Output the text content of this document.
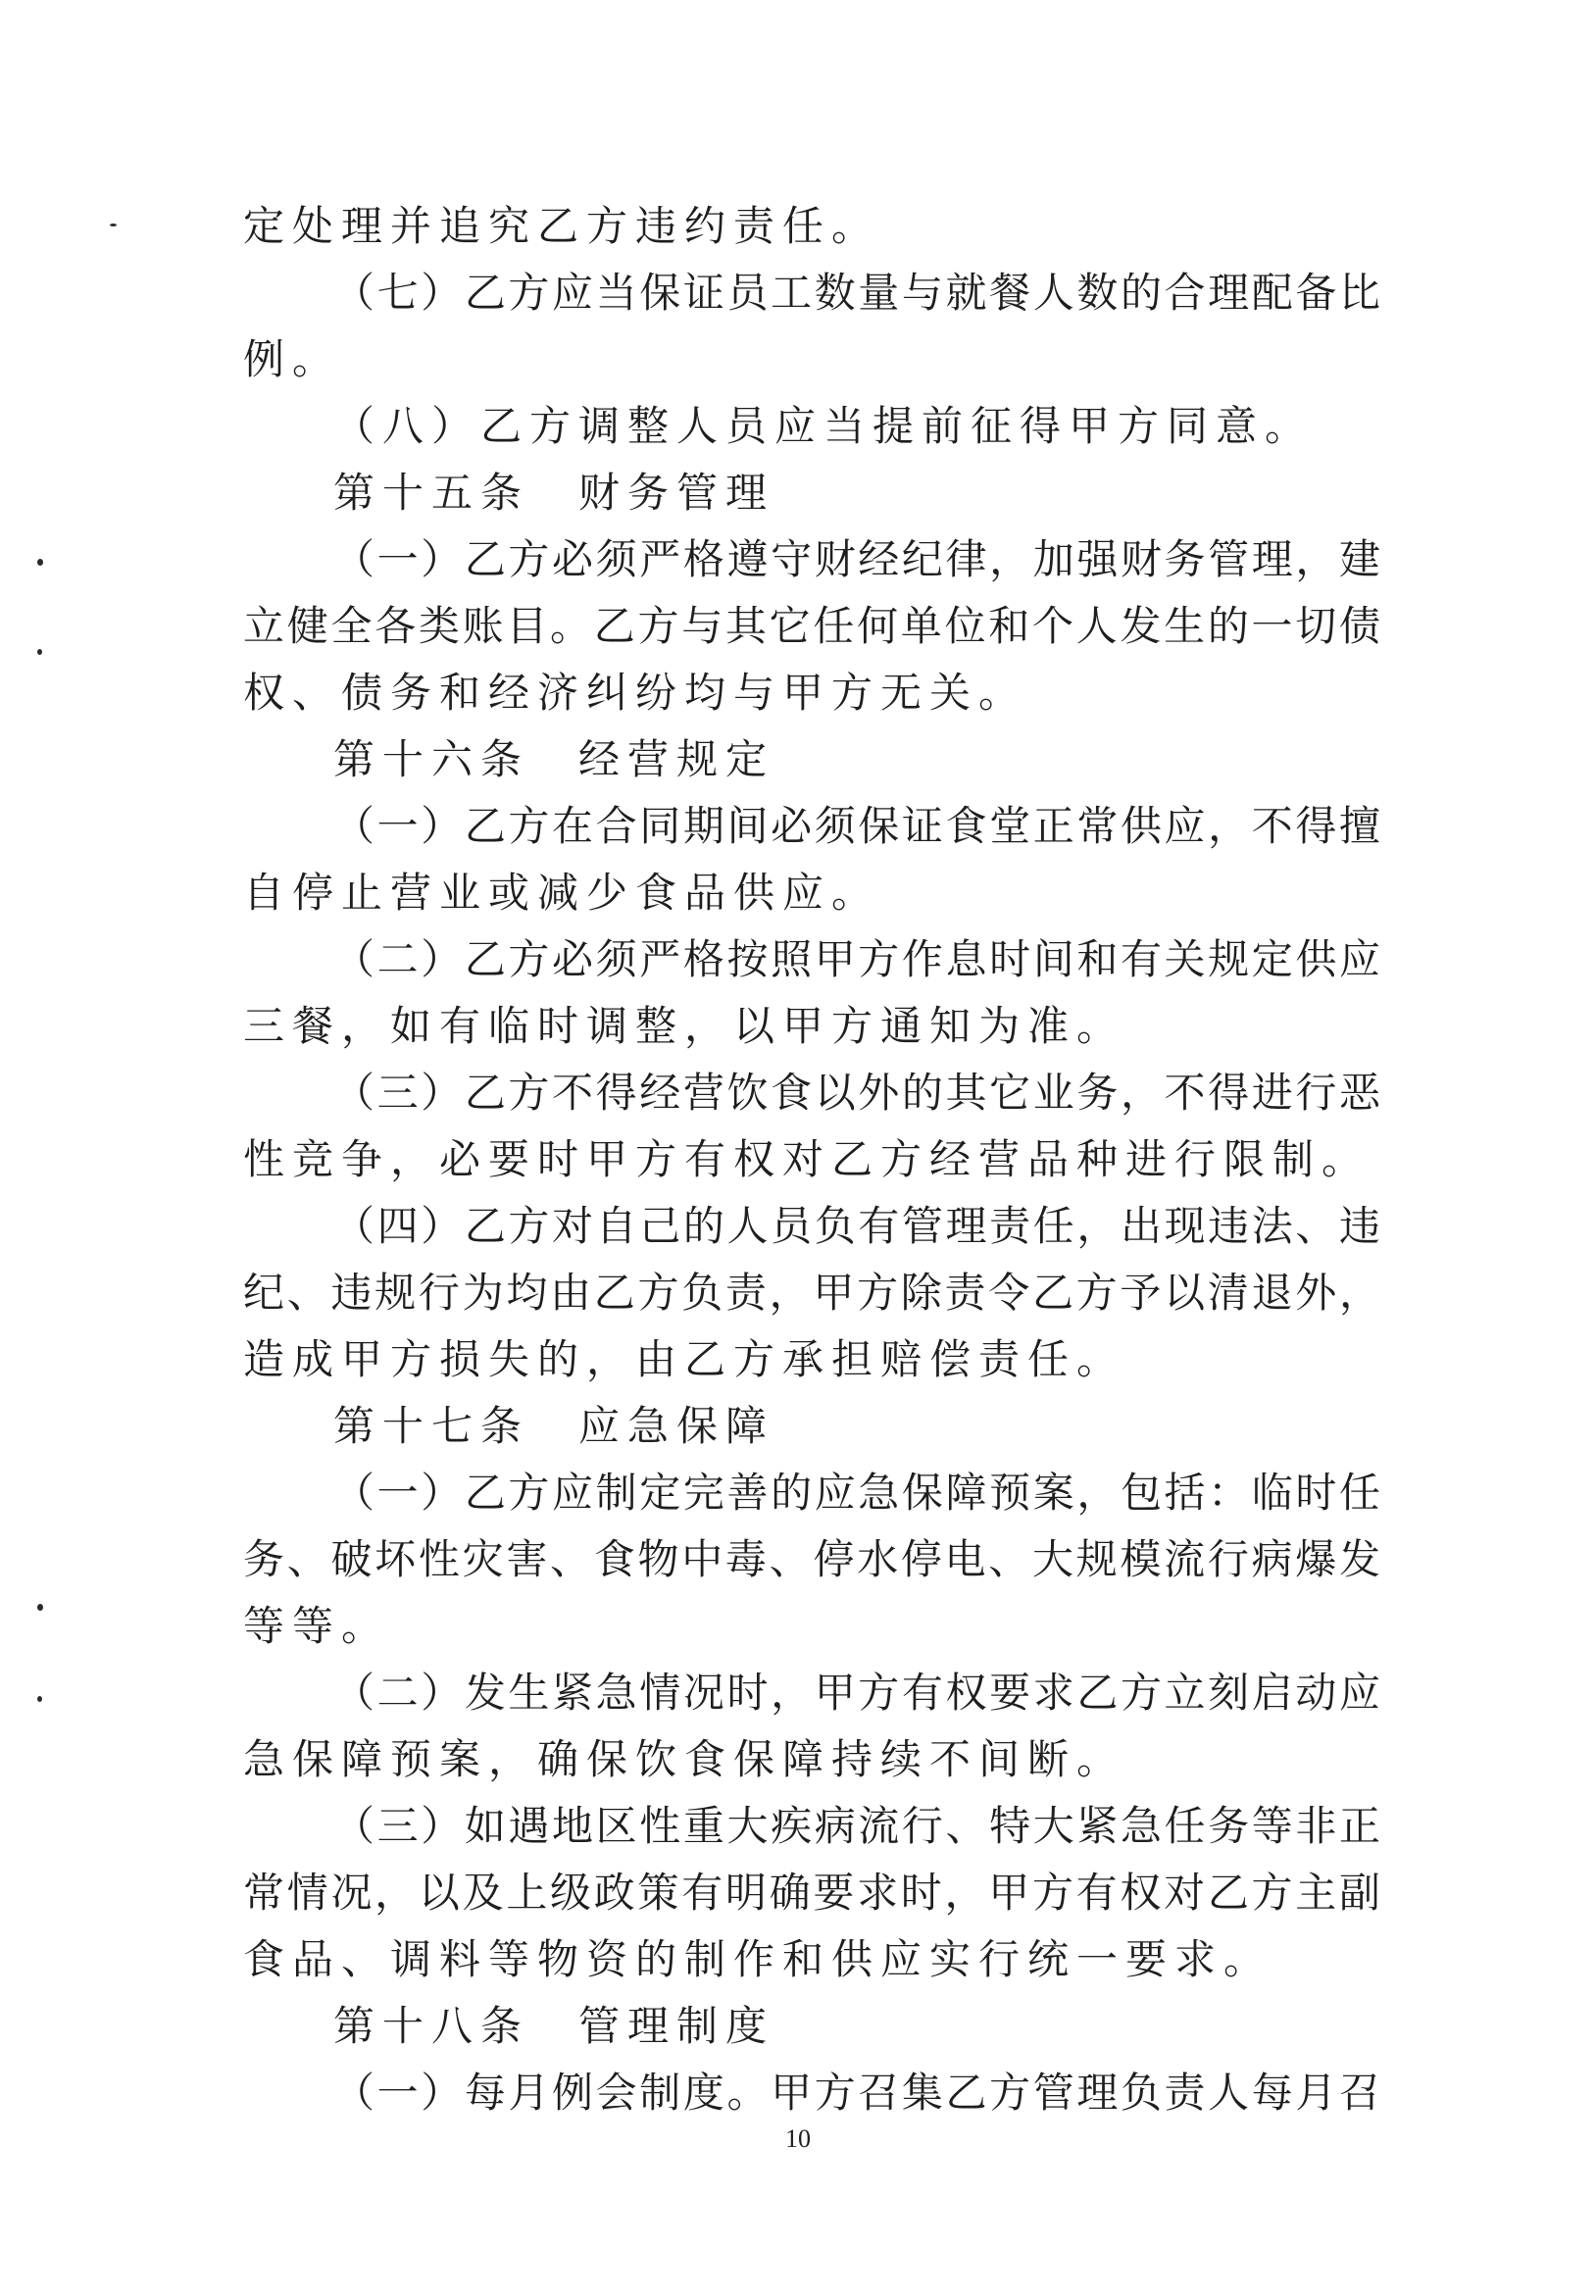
定处理并追究乙方违约责任。
（七）乙方应当保证员工数量与就餐人数的合理配备比
例。
（八）乙方调整人员应当提前征得甲方同意。
第十五条　财务管理
（一）乙方必须严格遵守财经纪律，加强财务管理，建
立健全各类账目。乙方与其它任何单位和个人发生的一切债
权、债务和经济纠纷均与甲方无关。
第十六条　经营规定
（一）乙方在合同期间必须保证食堂正常供应，不得擅
自停止营业或减少食品供应。
（二）乙方必须严格按照甲方作息时间和有关规定供应
三餐，如有临时调整，以甲方通知为准。
（三）乙方不得经营饮食以外的其它业务，不得进行恶
性竞争，必要时甲方有权对乙方经营品种进行限制。
（四）乙方对自己的人员负有管理责任，出现违法、违
纪、违规行为均由乙方负责，甲方除责令乙方予以清退外，
造成甲方损失的，由乙方承担赔偿责任。
第十七条　应急保障
（一）乙方应制定完善的应急保障预案，包括：临时任
务、破坏性灾害、食物中毒、停水停电、大规模流行病爆发
等等。
（二）发生紧急情况时，甲方有权要求乙方立刻启动应
急保障预案，确保饮食保障持续不间断。
（三）如遇地区性重大疾病流行、特大紧急任务等非正
常情况，以及上级政策有明确要求时，甲方有权对乙方主副
食品、调料等物资的制作和供应实行统一要求。
第十八条　管理制度
（一）每月例会制度。甲方召集乙方管理负责人每月召
10
